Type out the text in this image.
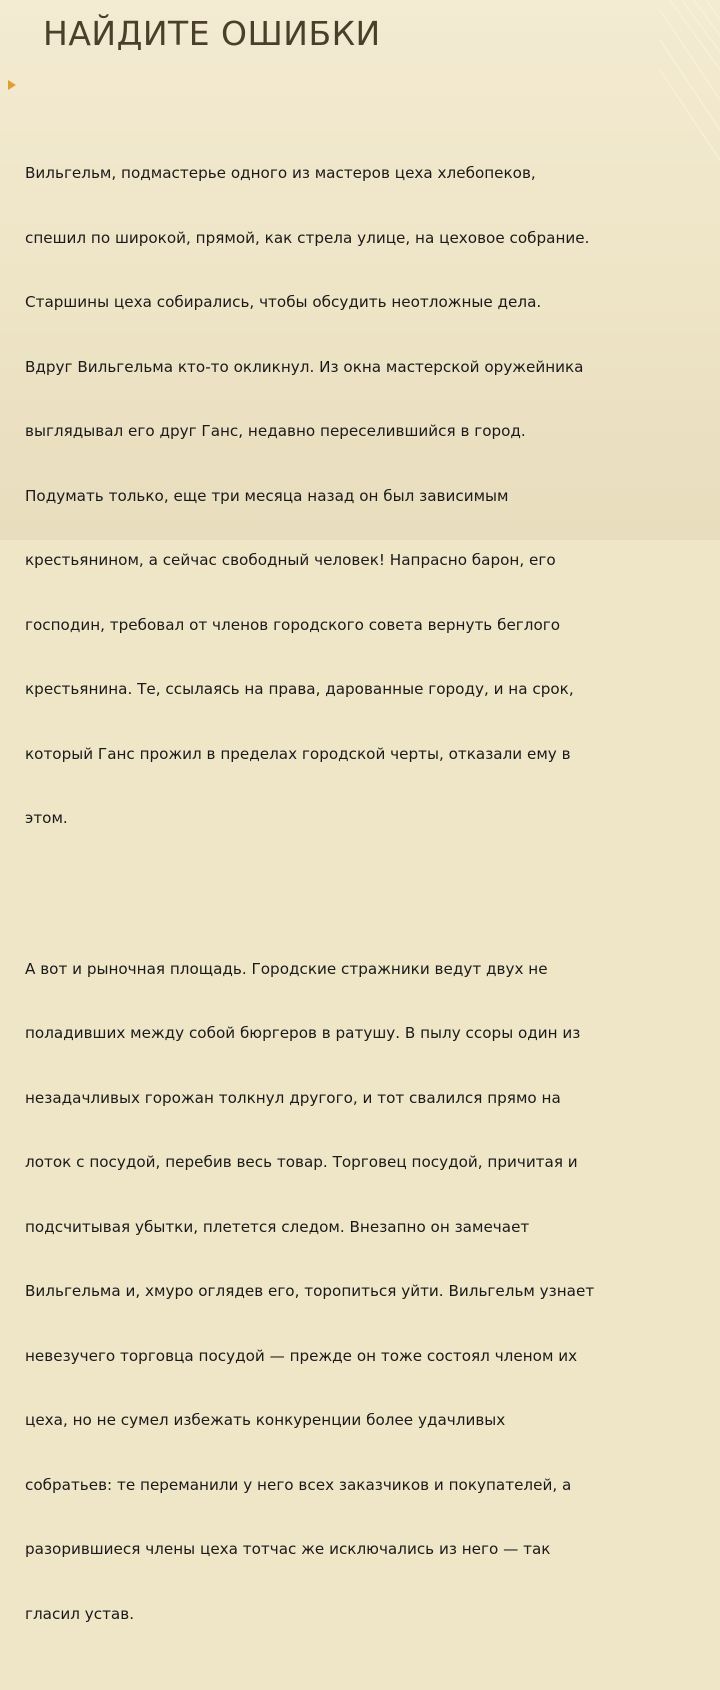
НАЙДИТЕ ОШИБКИ

Вильгельм, подмастерье одного из мастеров цеха хлебопеков,

спешил по широкой, прямой, как стрела улице, на цеховое собрание.

Старшины цеха собирались, чтобы обсудить неотложные дела.

Вдруг Вильгельма кто-то окликнул. Из окна мастерской оружейника

выглядывал его друг Ганс, недавно переселившийся в город.

Подумать только, еще три месяца назад он был зависимым

крестьянином, а сейчас свободный человек! Напрасно барон, его

господин, требовал от членов городского совета вернуть беглого

крестьянина. Те, ссылаясь на права, дарованные городу, и на срок,

который Ганс прожил в пределах городской черты, отказали ему в

этом.

А вот и рыночная площадь. Городские стражники ведут двух не

поладивших между собой бюргеров в ратушу. В пылу ссоры один из

незадачливых горожан толкнул другого, и тот свалился прямо на

лоток с посудой, перебив весь товар. Торговец посудой, причитая и

подсчитывая убытки, плетется следом. Внезапно он замечает

Вильгельма и, хмуро оглядев его, торопиться уйти. Вильгельм узнает

невезучего торговца посудой — прежде он тоже состоял членом их

цеха, но не сумел избежать конкуренции более удачливых

собратьев: те переманили у него всех заказчиков и покупателей, а

разорившиеся члены цеха тотчас же исключались из него — так

гласил устав.
